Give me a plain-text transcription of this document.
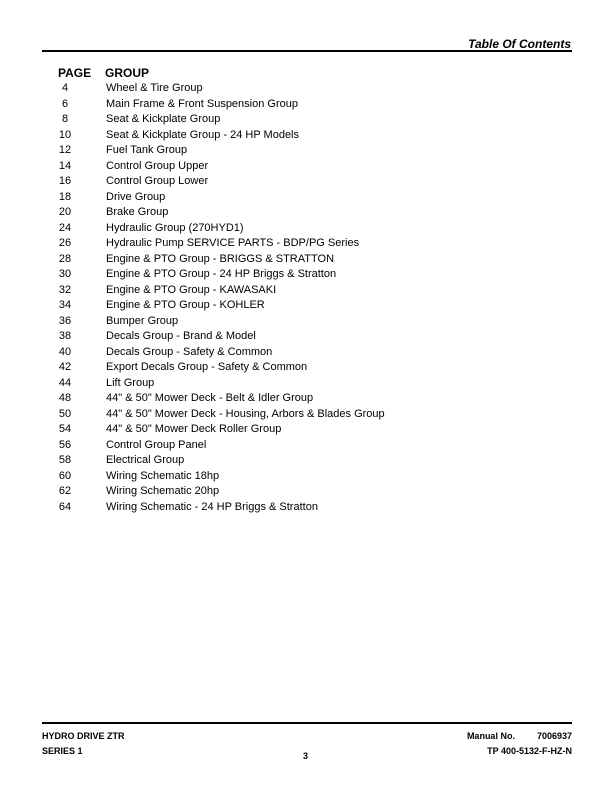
Table Of Contents
PAGE GROUP
4	Wheel & Tire Group
6	Main Frame & Front Suspension Group
8	Seat & Kickplate Group
10	Seat & Kickplate Group - 24 HP Models
12	Fuel Tank Group
14	Control Group Upper
16	Control Group Lower
18	Drive Group
20	Brake Group
24	Hydraulic Group (270HYD1)
26	Hydraulic Pump SERVICE PARTS - BDP/PG Series
28	Engine & PTO Group - BRIGGS & STRATTON
30	Engine & PTO Group - 24 HP Briggs & Stratton
32	Engine & PTO Group - KAWASAKI
34	Engine & PTO Group - KOHLER
36	Bumper Group
38	Decals Group - Brand & Model
40	Decals Group - Safety & Common
42	Export Decals Group - Safety & Common
44	Lift Group
48	44" & 50" Mower Deck - Belt & Idler Group
50	44" & 50" Mower Deck - Housing, Arbors & Blades Group
54	44" & 50" Mower Deck Roller Group
56	Control Group Panel
58	Electrical Group
60	Wiring Schematic 18hp
62	Wiring Schematic 20hp
64	Wiring Schematic - 24 HP Briggs & Stratton
HYDRO DRIVE ZTR
SERIES 1	3
Manual No. 7006937
TP 400-5132-F-HZ-N
